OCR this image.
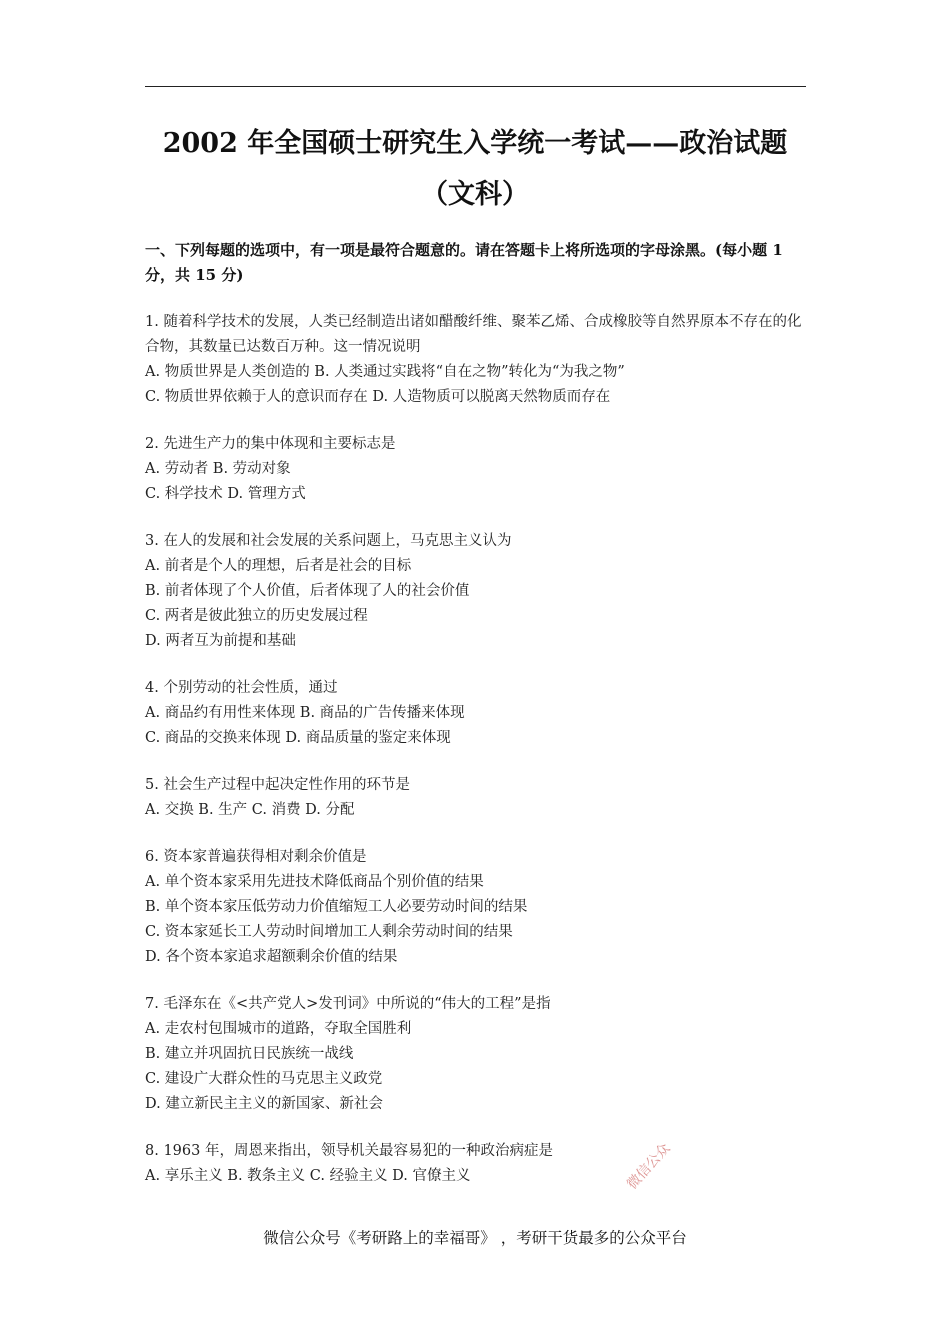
2002 年全国硕士研究生入学统一考试——政治试题
（文科）
一、下列每题的选项中，有一项是最符合题意的。请在答题卡上将所选项的字母涂黑。(每小题 1 分，共 15 分)
1. 随着科学技术的发展，人类已经制造出诸如醋酸纤维、聚苯乙烯、合成橡胶等自然界原本不存在的化合物，其数量已达数百万种。这一情况说明
A. 物质世界是人类创造的 B. 人类通过实践将“自在之物”转化为“为我之物”
C. 物质世界依赖于人的意识而存在 D. 人造物质可以脱离天然物质而存在
2. 先进生产力的集中体现和主要标志是
A. 劳动者 B. 劳动对象
C. 科学技术 D. 管理方式
3. 在人的发展和社会发展的关系问题上，马克思主义认为
A. 前者是个人的理想，后者是社会的目标
B. 前者体现了个人价值，后者体现了人的社会价值
C. 两者是彼此独立的历史发展过程
D. 两者互为前提和基础
4. 个别劳动的社会性质，通过
A. 商品约有用性来体现 B. 商品的广告传播来体现
C. 商品的交换来体现 D. 商品质量的鉴定来体现
5. 社会生产过程中起决定性作用的环节是
A. 交换 B. 生产 C. 消费 D. 分配
6. 资本家普遍获得相对剩余价值是
A. 单个资本家采用先进技术降低商品个别价值的结果
B. 单个资本家压低劳动力价值缩短工人必要劳动时间的结果
C. 资本家延长工人劳动时间增加工人剩余劳动时间的结果
D. 各个资本家追求超额剩余价值的结果
7. 毛泽东在《<共产党人>发刊词》中所说的“伟大的工程”是指
A. 走农村包围城市的道路，夺取全国胜利
B. 建立并巩固抗日民族统一战线
C. 建设广大群众性的马克思主义政党
D. 建立新民主主义的新国家、新社会
8. 1963 年，周恩来指出，领导机关最容易犯的一种政治病症是
A. 享乐主义 B. 教条主义 C. 经验主义 D. 官僚主义	微信公众
微信公众号《考研路上的幸福哥》 ，考研干货最多的公众平台
